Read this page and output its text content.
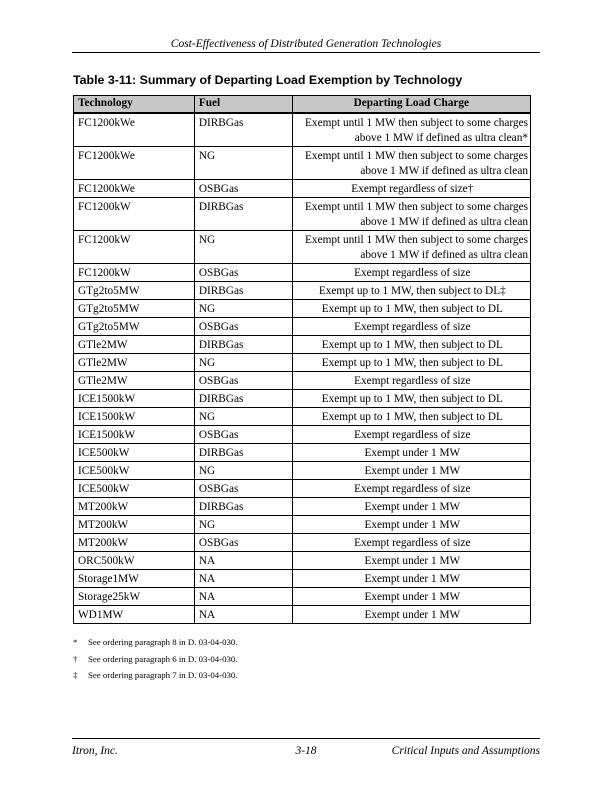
Cost-Effectiveness of Distributed Generation Technologies
Table 3-11: Summary of Departing Load Exemption by Technology
Technology	Fuel	Departing Load Charge
FC1200kWe	DIRBGas	Exempt until 1 MW then subject to some charges above 1 MW if defined as ultra clean*
FC1200kWe	NG	Exempt until 1 MW then subject to some charges above 1 MW if defined as ultra clean
FC1200kWe	OSBGas	Exempt regardless of size†
FC1200kW	DIRBGas	Exempt until 1 MW then subject to some charges above 1 MW if defined as ultra clean
FC1200kW	NG	Exempt until 1 MW then subject to some charges above 1 MW if defined as ultra clean
FC1200kW	OSBGas	Exempt regardless of size
GTg2to5MW	DIRBGas	Exempt up to 1 MW, then subject to DL‡
GTg2to5MW	NG	Exempt up to 1 MW, then subject to DL
GTg2to5MW	OSBGas	Exempt regardless of size
GTle2MW	DIRBGas	Exempt up to 1 MW, then subject to DL
GTle2MW	NG	Exempt up to 1 MW, then subject to DL
GTle2MW	OSBGas	Exempt regardless of size
ICE1500kW	DIRBGas	Exempt up to 1 MW, then subject to DL
ICE1500kW	NG	Exempt up to 1 MW, then subject to DL
ICE1500kW	OSBGas	Exempt regardless of size
ICE500kW	DIRBGas	Exempt under 1 MW
ICE500kW	NG	Exempt under 1 MW
ICE500kW	OSBGas	Exempt regardless of size
MT200kW	DIRBGas	Exempt under 1 MW
MT200kW	NG	Exempt under 1 MW
MT200kW	OSBGas	Exempt regardless of size
ORC500kW	NA	Exempt under 1 MW
Storage1MW	NA	Exempt under 1 MW
Storage25kW	NA	Exempt under 1 MW
WD1MW	NA	Exempt under 1 MW
* See ordering paragraph 8 in D. 03-04-030.
† See ordering paragraph 6 in D. 03-04-030.
‡ See ordering paragraph 7 in D. 03-04-030.
Itron, Inc.	3-18	Critical Inputs and Assumptions
